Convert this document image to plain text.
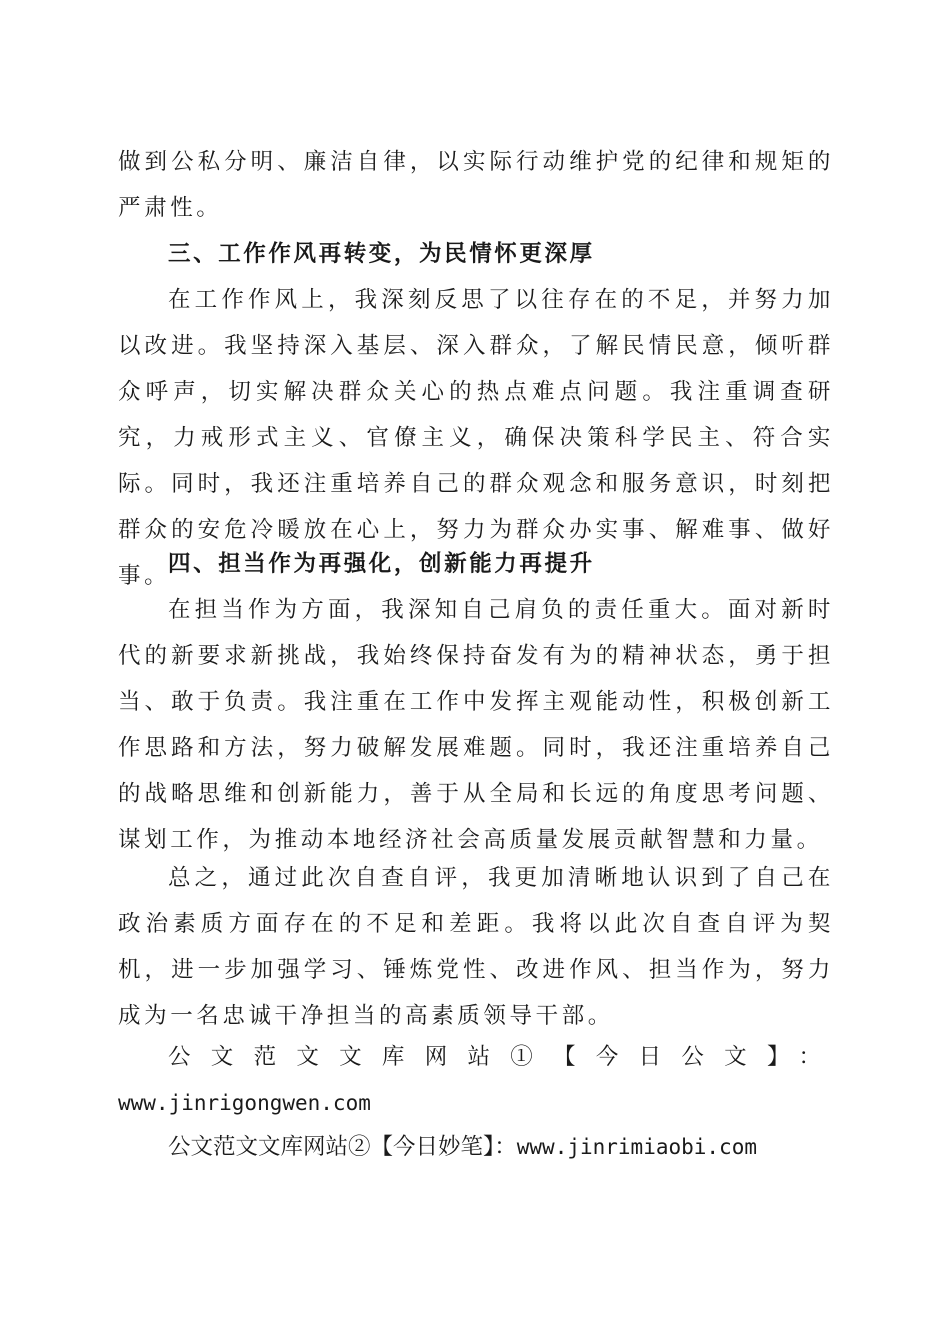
做到公私分明、廉洁自律，以实际行动维护党的纪律和规矩的严肃性。

三、工作作风再转变，为民情怀更深厚

在工作作风上，我深刻反思了以往存在的不足，并努力加以改进。我坚持深入基层、深入群众，了解民情民意，倾听群众呼声，切实解决群众关心的热点难点问题。我注重调查研究，力戒形式主义、官僚主义，确保决策科学民主、符合实际。同时，我还注重培养自己的群众观念和服务意识，时刻把群众的安危冷暖放在心上，努力为群众办实事、解难事、做好事。

四、担当作为再强化，创新能力再提升

在担当作为方面，我深知自己肩负的责任重大。面对新时代的新要求新挑战，我始终保持奋发有为的精神状态，勇于担当、敢于负责。我注重在工作中发挥主观能动性，积极创新工作思路和方法，努力破解发展难题。同时，我还注重培养自己的战略思维和创新能力，善于从全局和长远的角度思考问题、谋划工作，为推动本地经济社会高质量发展贡献智慧和力量。

总之，通过此次自查自评，我更加清晰地认识到了自己在政治素质方面存在的不足和差距。我将以此次自查自评为契机，进一步加强学习、锤炼党性、改进作风、担当作为，努力成为一名忠诚干净担当的高素质领导干部。

公文范文文库网站①【今日公文】：
www.jinrigongwen.com
公文范文文库网站②【今日妙笔】：www.jinrimiaobi.com
